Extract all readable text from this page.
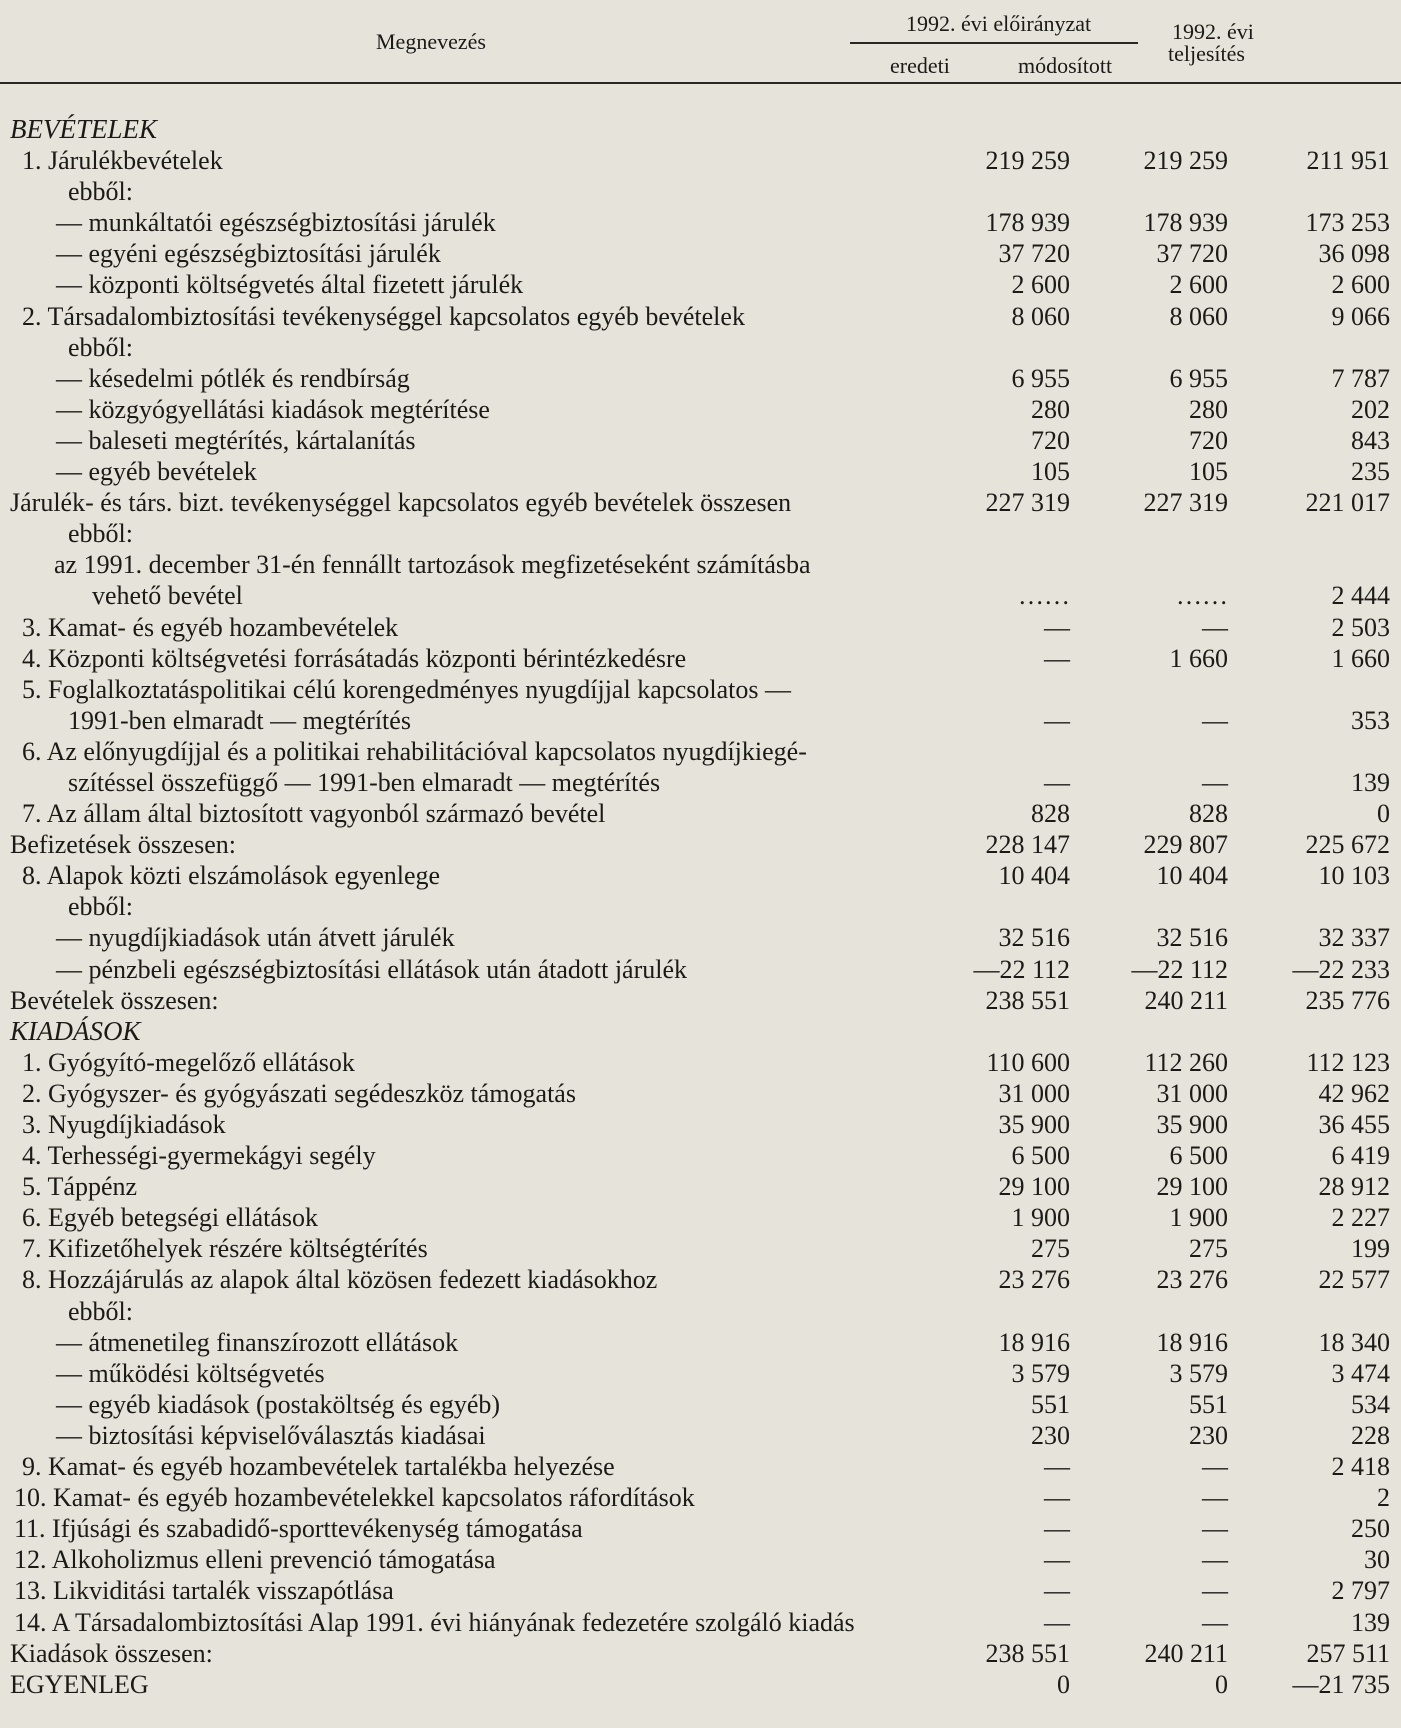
Megnevezés
1992. évi előirányzat
eredeti	módosított
1992. évi
teljesítés
BEVÉTELEK
1. Járulékbevételek	219 259	219 259	211 951
ebből:
— munkáltatói egészségbiztosítási járulék	178 939	178 939	173 253
— egyéni egészségbiztosítási járulék	37 720	37 720	36 098
— központi költségvetés által fizetett járulék	2 600	2 600	2 600
2. Társadalombiztosítási tevékenységgel kapcsolatos egyéb bevételek	8 060	8 060	9 066
ebből:
— késedelmi pótlék és rendbírság	6 955	6 955	7 787
— közgyógyellátási kiadások megtérítése	280	280	202
— baleseti megtérítés, kártalanítás	720	720	843
— egyéb bevételek	105	105	235
Járulék- és társ. bizt. tevékenységgel kapcsolatos egyéb bevételek összesen	227 319	227 319	221 017
ebből:
az 1991. december 31-én fennállt tartozások megfizetéseként számításba
vehető bevétel	……	……	2 444
3. Kamat- és egyéb hozambevételek	—	—	2 503
4. Központi költségvetési forrásátadás központi bérintézkedésre	—	1 660	1 660
5. Foglalkoztatáspolitikai célú korengedményes nyugdíjjal kapcsolatos —
1991-ben elmaradt — megtérítés	—	—	353
6. Az előnyugdíjjal és a politikai rehabilitációval kapcsolatos nyugdíjkiegé-
szítéssel összefüggő — 1991-ben elmaradt — megtérítés	—	—	139
7. Az állam által biztosított vagyonból származó bevétel	828	828	0
Befizetések összesen:	228 147	229 807	225 672
8. Alapok közti elszámolások egyenlege	10 404	10 404	10 103
ebből:
— nyugdíjkiadások után átvett járulék	32 516	32 516	32 337
— pénzbeli egészségbiztosítási ellátások után átadott járulék	—22 112	—22 112	—22 233
Bevételek összesen:	238 551	240 211	235 776
KIADÁSOK
1. Gyógyító-megelőző ellátások	110 600	112 260	112 123
2. Gyógyszer- és gyógyászati segédeszköz támogatás	31 000	31 000	42 962
3. Nyugdíjkiadások	35 900	35 900	36 455
4. Terhességi-gyermekágyi segély	6 500	6 500	6 419
5. Táppénz	29 100	29 100	28 912
6. Egyéb betegségi ellátások	1 900	1 900	2 227
7. Kifizetőhelyek részére költségtérítés	275	275	199
8. Hozzájárulás az alapok által közösen fedezett kiadásokhoz	23 276	23 276	22 577
ebből:
— átmenetileg finanszírozott ellátások	18 916	18 916	18 340
— működési költségvetés	3 579	3 579	3 474
— egyéb kiadások (postaköltség és egyéb)	551	551	534
— biztosítási képviselőválasztás kiadásai	230	230	228
9. Kamat- és egyéb hozambevételek tartalékba helyezése	—	—	2 418
10. Kamat- és egyéb hozambevételekkel kapcsolatos ráfordítások	—	—	2
11. Ifjúsági és szabadidő-sporttevékenység támogatása	—	—	250
12. Alkoholizmus elleni prevenció támogatása	—	—	30
13. Likviditási tartalék visszapótlása	—	—	2 797
14. A Társadalombiztosítási Alap 1991. évi hiányának fedezetére szolgáló kiadás	—	—	139
Kiadások összesen:	238 551	240 211	257 511
EGYENLEG	0	0	—21 735
